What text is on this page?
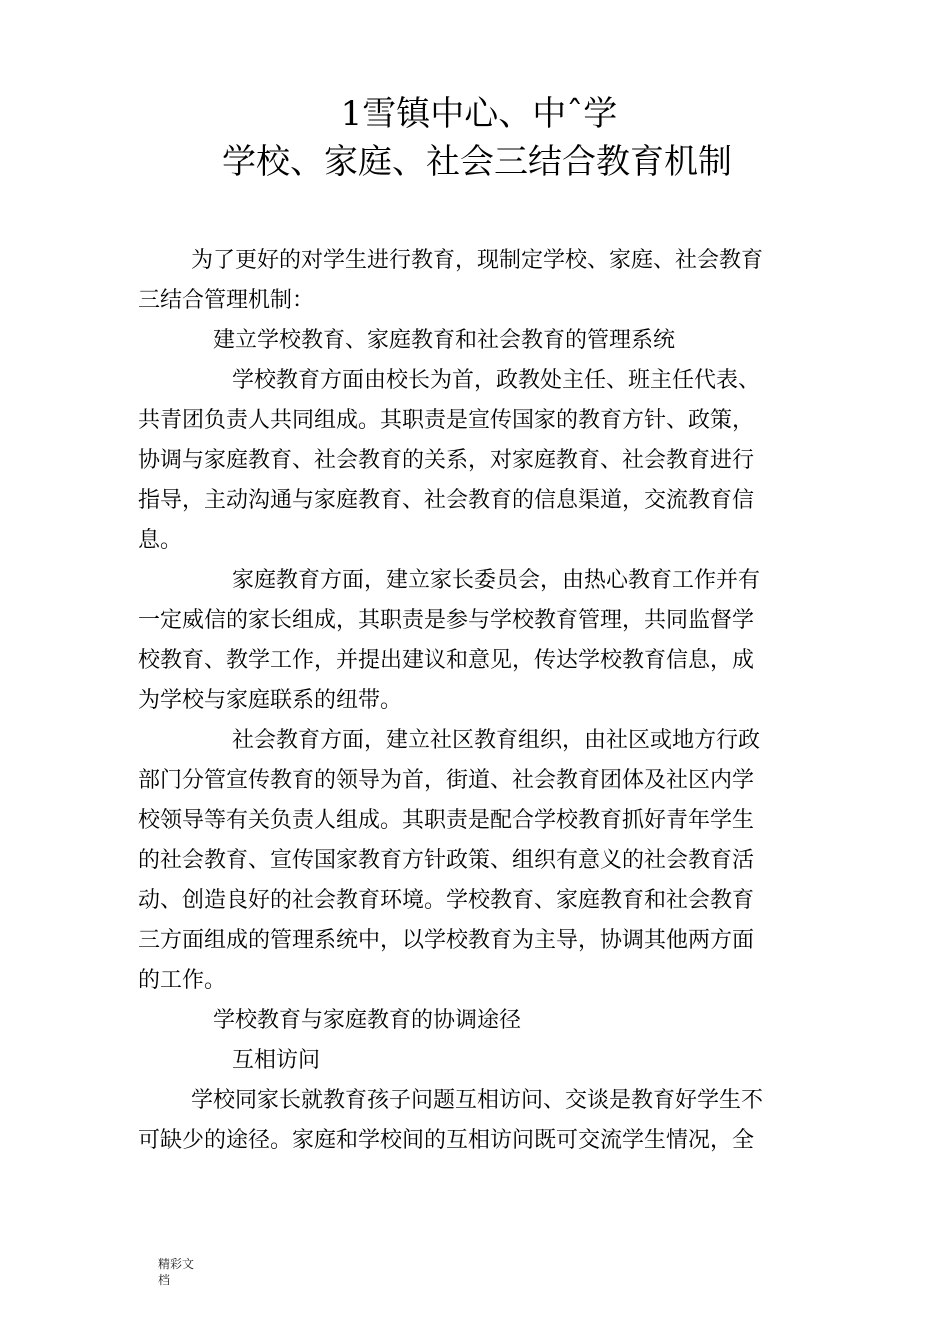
1雪镇中心、中ˆ学
学校、家庭、社会三结合教育机制

为了更好的对学生进行教育，现制定学校、家庭、社会教育

三结合管理机制：

建立学校教育、家庭教育和社会教育的管理系统

学校教育方面由校长为首，政教处主任、班主任代表、

共青团负责人共同组成。其职责是宣传国家的教育方针、政策，

协调与家庭教育、社会教育的关系，对家庭教育、社会教育进行

指导，主动沟通与家庭教育、社会教育的信息渠道，交流教育信

息。

家庭教育方面，建立家长委员会，由热心教育工作并有

一定威信的家长组成，其职责是参与学校教育管理，共同监督学

校教育、教学工作，并提出建议和意见，传达学校教育信息，成

为学校与家庭联系的纽带。

社会教育方面，建立社区教育组织，由社区或地方行政

部门分管宣传教育的领导为首，街道、社会教育团体及社区内学

校领导等有关负责人组成。其职责是配合学校教育抓好青年学生

的社会教育、宣传国家教育方针政策、组织有意义的社会教育活

动、创造良好的社会教育环境。学校教育、家庭教育和社会教育

三方面组成的管理系统中，以学校教育为主导，协调其他两方面

的工作。

学校教育与家庭教育的协调途径

互相访问

学校同家长就教育孩子问题互相访问、交谈是教育好学生不

可缺少的途径。家庭和学校间的互相访问既可交流学生情况，全

精彩文
档
